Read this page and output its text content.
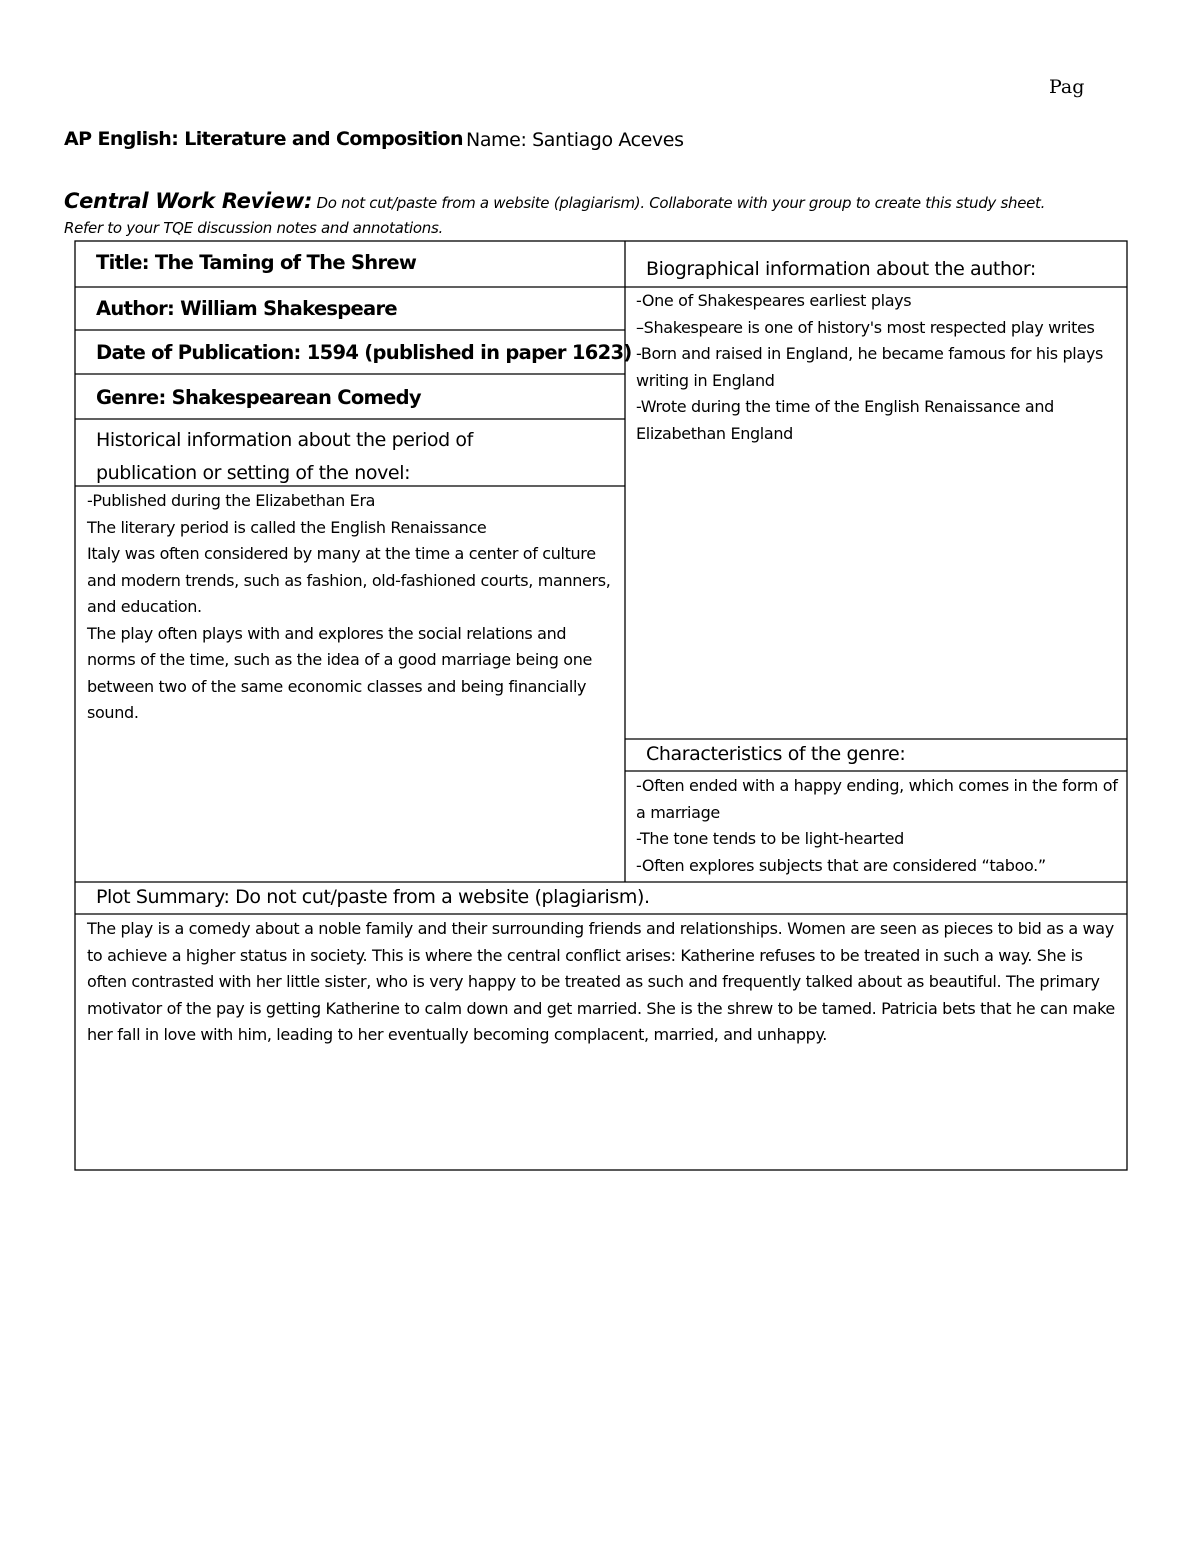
Pag
AP English: Literature and Composition Name: Santiago Aceves
Central Work Review: Do not cut/paste from a website (plagiarism). Collaborate with your group to create this study sheet.
Refer to your TQE discussion notes and annotations.
Title: The Taming of The Shrew
Author: William Shakespeare
Date of Publication: 1594 (published in paper 1623)
Genre: Shakespearean Comedy
Historical information about the period of
publication or setting of the novel:
-Published during the Elizabethan Era
The literary period is called the English Renaissance
Italy was often considered by many at the time a center of culture and modern trends, such as fashion, old-fashioned courts, manners, and education.
The play often plays with and explores the social relations and norms of the time, such as the idea of a good marriage being one between two of the same economic classes and being financially sound.
Biographical information about the author:
-One of Shakespeares earliest plays
–Shakespeare is one of history's most respected play writes
-Born and raised in England, he became famous for his plays writing in England
-Wrote during the time of the English Renaissance and Elizabethan England
Characteristics of the genre:
-Often ended with a happy ending, which comes in the form of a marriage
-The tone tends to be light-hearted
-Often explores subjects that are considered “taboo.”
Plot Summary: Do not cut/paste from a website (plagiarism).
The play is a comedy about a noble family and their surrounding friends and relationships. Women are seen as pieces to bid as a way to achieve a higher status in society. This is where the central conflict arises: Katherine refuses to be treated in such a way. She is often contrasted with her little sister, who is very happy to be treated as such and frequently talked about as beautiful. The primary motivator of the pay is getting Katherine to calm down and get married. She is the shrew to be tamed. Patricia bets that he can make her fall in love with him, leading to her eventually becoming complacent, married, and unhappy.
